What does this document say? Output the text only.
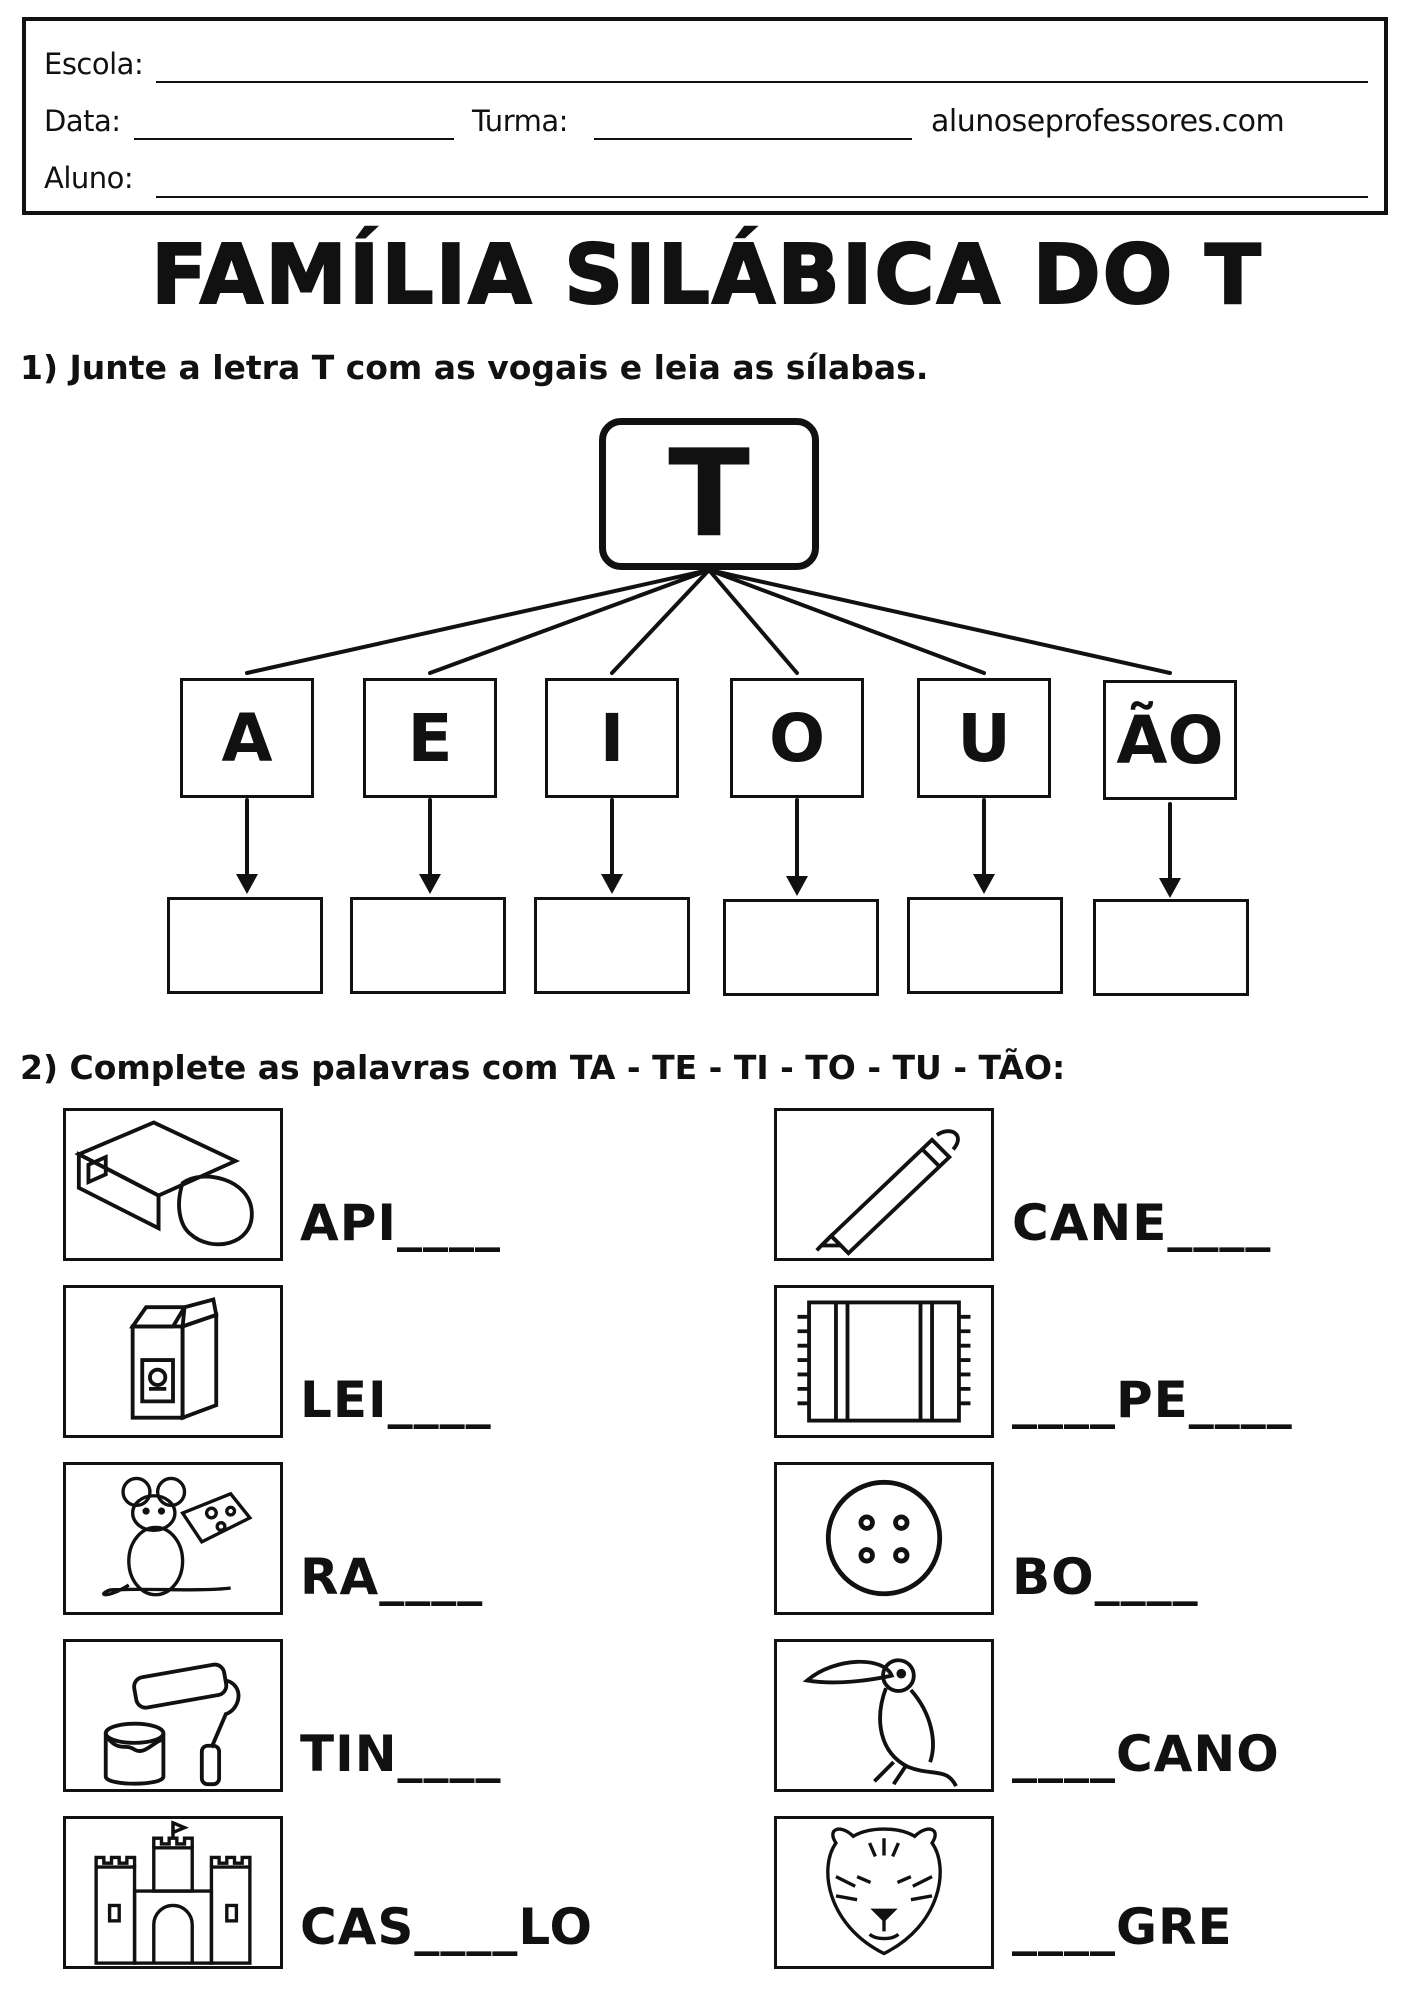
Escola:
Data:	Turma:	alunoseprofessores.com
Aluno:
FAMÍLIA SILÁBICA DO T
1) Junte a letra T com as vogais e leia as sílabas.
T
A	E	I	O	U	ÃO
2) Complete as palavras com TA - TE - TI - TO - TU - TÃO:
API____
LEI____
RA____
TIN____
CAS____LO
CANE____
____PE____
BO____
____CANO
____GRE
